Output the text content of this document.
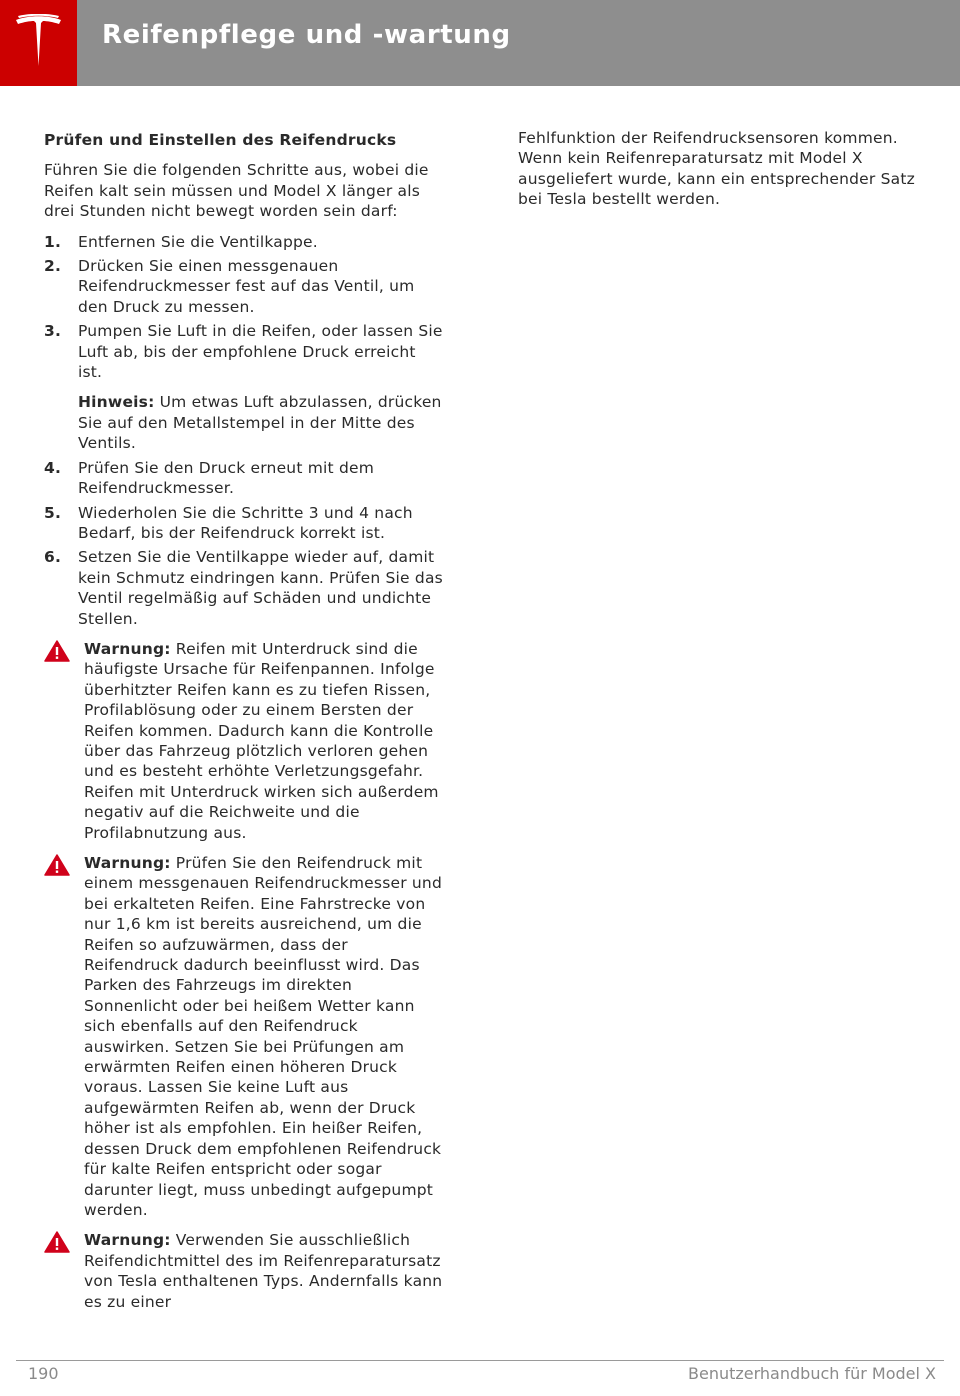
Reifenpflege und -wartung
Prüfen und Einstellen des Reifendrucks
Führen Sie die folgenden Schritte aus, wobei die Reifen kalt sein müssen und Model X länger als drei Stunden nicht bewegt worden sein darf:
1. Entfernen Sie die Ventilkappe.
2. Drücken Sie einen messgenauen Reifendruckmesser fest auf das Ventil, um den Druck zu messen.
3. Pumpen Sie Luft in die Reifen, oder lassen Sie Luft ab, bis der empfohlene Druck erreicht ist.
Hinweis: Um etwas Luft abzulassen, drücken Sie auf den Metallstempel in der Mitte des Ventils.
4. Prüfen Sie den Druck erneut mit dem Reifendruckmesser.
5. Wiederholen Sie die Schritte 3 und 4 nach Bedarf, bis der Reifendruck korrekt ist.
6. Setzen Sie die Ventilkappe wieder auf, damit kein Schmutz eindringen kann. Prüfen Sie das Ventil regelmäßig auf Schäden und undichte Stellen.
Warnung: Reifen mit Unterdruck sind die häufigste Ursache für Reifenpannen. Infolge überhitzter Reifen kann es zu tiefen Rissen, Profilablösung oder zu einem Bersten der Reifen kommen. Dadurch kann die Kontrolle über das Fahrzeug plötzlich verloren gehen und es besteht erhöhte Verletzungsgefahr. Reifen mit Unterdruck wirken sich außerdem negativ auf die Reichweite und die Profilabnutzung aus.
Warnung: Prüfen Sie den Reifendruck mit einem messgenauen Reifendruckmesser und bei erkalteten Reifen. Eine Fahrstrecke von nur 1,6 km ist bereits ausreichend, um die Reifen so aufzuwärmen, dass der Reifendruck dadurch beeinflusst wird. Das Parken des Fahrzeugs im direkten Sonnenlicht oder bei heißem Wetter kann sich ebenfalls auf den Reifendruck auswirken. Setzen Sie bei Prüfungen am erwärmten Reifen einen höheren Druck voraus. Lassen Sie keine Luft aus aufgewärmten Reifen ab, wenn der Druck höher ist als empfohlen. Ein heißer Reifen, dessen Druck dem empfohlenen Reifendruck für kalte Reifen entspricht oder sogar darunter liegt, muss unbedingt aufgepumpt werden.
Warnung: Verwenden Sie ausschließlich Reifendichtmittel des im Reifenreparatursatz von Tesla enthaltenen Typs. Andernfalls kann es zu einer
Fehlfunktion der Reifendrucksensoren kommen. Wenn kein Reifenreparatursatz mit Model X ausgeliefert wurde, kann ein entsprechender Satz bei Tesla bestellt werden.
190	Benutzerhandbuch für Model X
